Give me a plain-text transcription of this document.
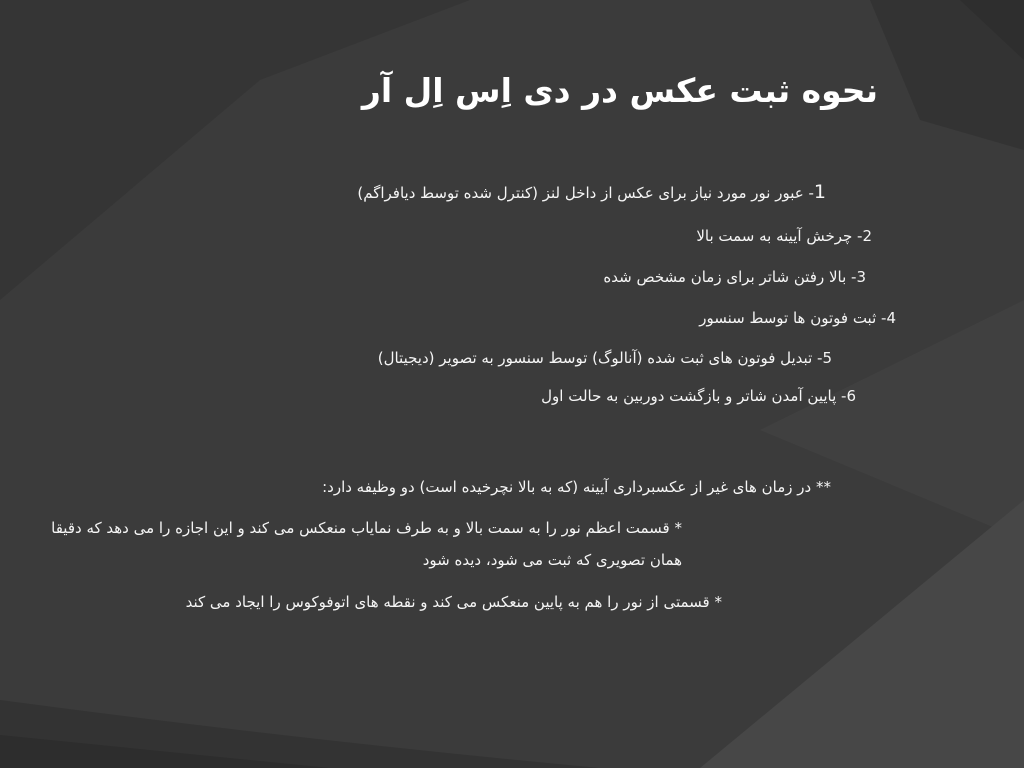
نحوه ثبت عکس در دی اِس اِل آر
1- عبور نور مورد نیاز برای عکس از داخل لنز (کنترل شده توسط دیافراگم)
2- چرخش آیینه به سمت بالا
3- بالا رفتن شاتر برای زمان مشخص شده
4- ثبت فوتون ها توسط سنسور
5- تبدیل فوتون های ثبت شده (آنالوگ) توسط سنسور به تصویر (دیجیتال)
6- پایین آمدن شاتر و بازگشت دوربین به حالت اول
** در زمان های غیر از عکسبرداری آیینه (که به بالا نچرخیده است) دو وظیفه دارد:
* قسمت اعظم نور را به سمت بالا و به طرف نمایاب منعکس می کند و این اجازه را می دهد که دقیقا همان تصویری که ثبت می شود، دیده شود
* قسمتی از نور را هم به پایین منعکس می کند و نقطه های اتوفوکوس را ایجاد می کند
